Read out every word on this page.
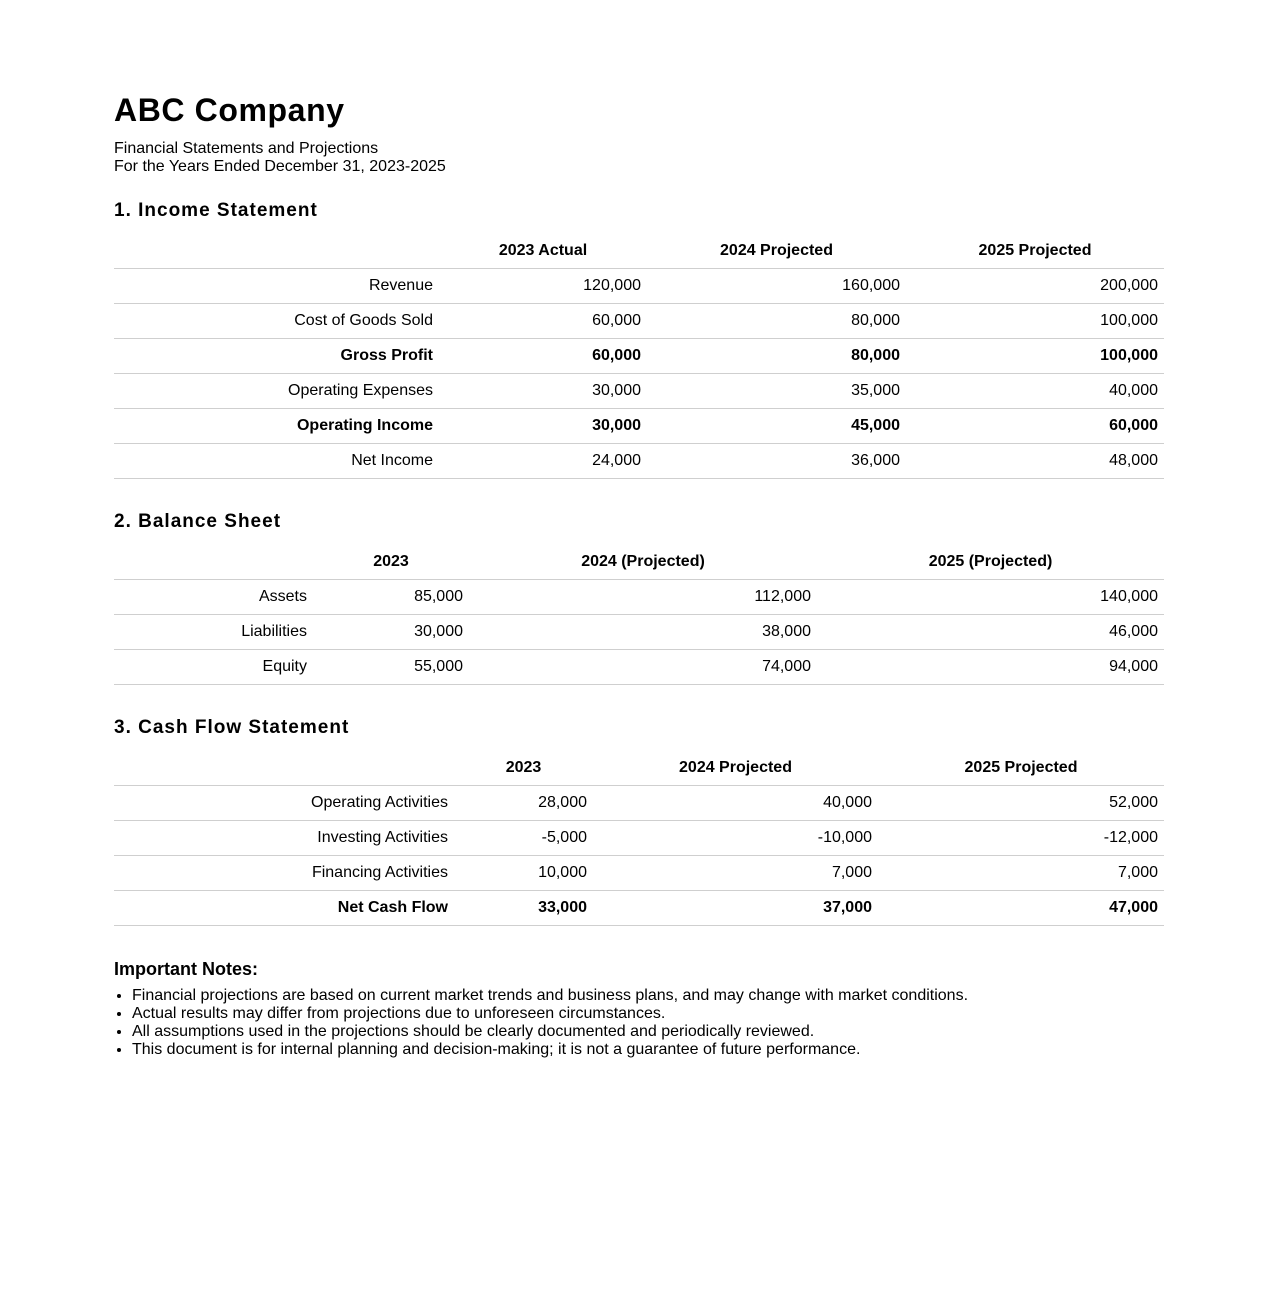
ABC Company
Financial Statements and Projections
For the Years Ended December 31, 2023-2025
1. Income Statement
	2023 Actual	2024 Projected	2025 Projected
Revenue	120,000	160,000	200,000
Cost of Goods Sold	60,000	80,000	100,000
Gross Profit	60,000	80,000	100,000
Operating Expenses	30,000	35,000	40,000
Operating Income	30,000	45,000	60,000
Net Income	24,000	36,000	48,000
2. Balance Sheet
	2023	2024 (Projected)	2025 (Projected)
Assets	85,000	112,000	140,000
Liabilities	30,000	38,000	46,000
Equity	55,000	74,000	94,000
3. Cash Flow Statement
	2023	2024 Projected	2025 Projected
Operating Activities	28,000	40,000	52,000
Investing Activities	-5,000	-10,000	-12,000
Financing Activities	10,000	7,000	7,000
Net Cash Flow	33,000	37,000	47,000
Important Notes:
• Financial projections are based on current market trends and business plans, and may change with market conditions.
• Actual results may differ from projections due to unforeseen circumstances.
• All assumptions used in the projections should be clearly documented and periodically reviewed.
• This document is for internal planning and decision-making; it is not a guarantee of future performance.
